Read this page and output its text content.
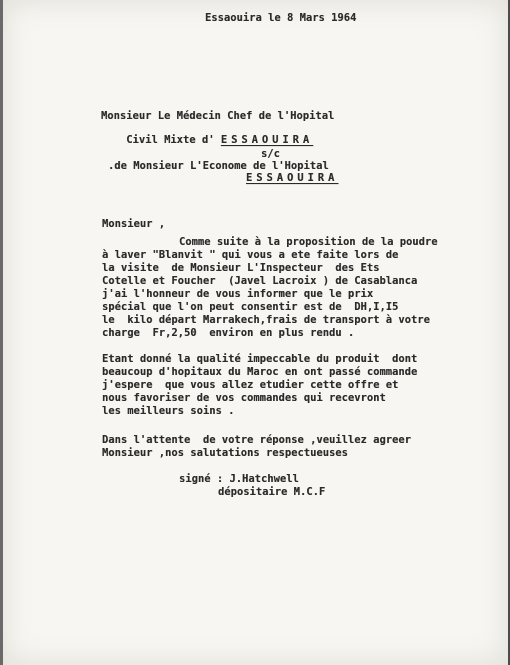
Essaouira le 8 Mars 1964
Monsieur Le Médecin Chef de l'Hopital

Civil Mixte d' ESSAOUIRA

s/c
.de Monsieur L'Econome de l'Hopital
ESSAOUIRA
Monsieur ,
Comme suite à la proposition de la poudre
à laver "Blanvit " qui vous a ete faite lors de
la visite  de Monsieur L'Inspecteur  des Ets
Cotelle et Foucher  (Javel Lacroix ) de Casablanca
j'ai l'honneur de vous informer que le prix
spécial que l'on peut consentir est de  DH,I,I5
le  kilo départ Marrakech,frais de transport à votre
charge  Fr,2,50  environ en plus rendu .
Etant donné la qualité impeccable du produit  dont
beaucoup d'hopitaux du Maroc en ont passé commande
j'espere  que vous allez etudier cette offre et
nous favoriser de vos commandes qui recevront
les meilleurs soins .
Dans l'attente  de votre réponse ,veuillez agreer
Monsieur ,nos salutations respectueuses
signé : J.Hatchwell
dépositaire M.C.F
